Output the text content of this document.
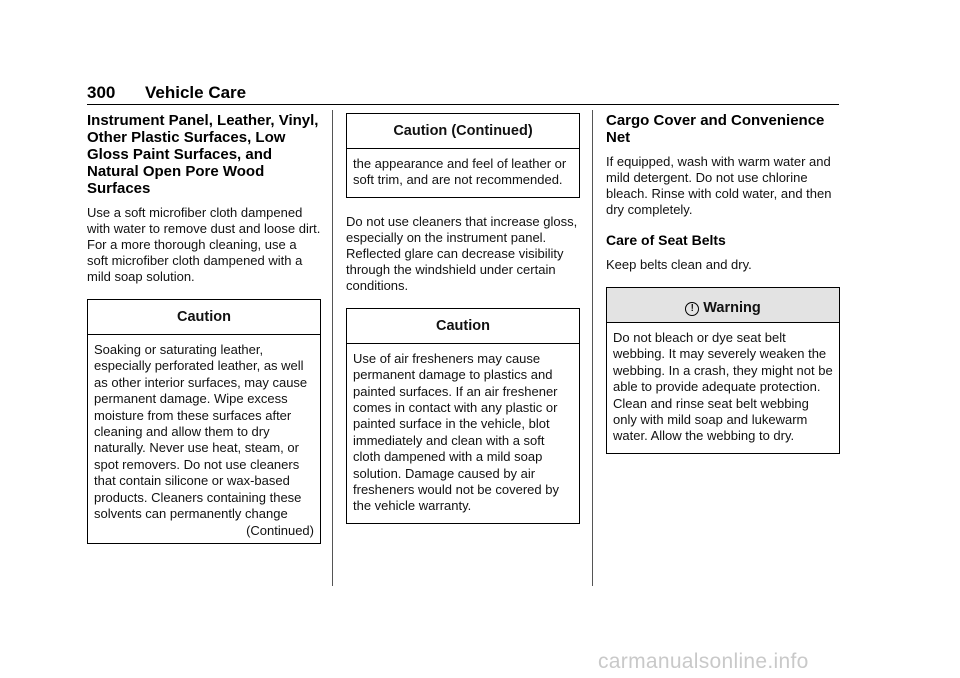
300 Vehicle Care
Instrument Panel, Leather, Vinyl, Other Plastic Surfaces, Low Gloss Paint Surfaces, and Natural Open Pore Wood Surfaces

Use a soft microfiber cloth dampened with water to remove dust and loose dirt. For a more thorough cleaning, use a soft microfiber cloth dampened with a mild soap solution.

Caution
Soaking or saturating leather, especially perforated leather, as well as other interior surfaces, may cause permanent damage. Wipe excess moisture from these surfaces after cleaning and allow them to dry naturally. Never use heat, steam, or spot removers. Do not use cleaners that contain silicone or wax-based products. Cleaners containing these solvents can permanently change
(Continued)
Caution (Continued)
the appearance and feel of leather or soft trim, and are not recommended.

Do not use cleaners that increase gloss, especially on the instrument panel. Reflected glare can decrease visibility through the windshield under certain conditions.

Caution
Use of air fresheners may cause permanent damage to plastics and painted surfaces. If an air freshener comes in contact with any plastic or painted surface in the vehicle, blot immediately and clean with a soft cloth dampened with a mild soap solution. Damage caused by air fresheners would not be covered by the vehicle warranty.
Cargo Cover and Convenience Net

If equipped, wash with warm water and mild detergent. Do not use chlorine bleach. Rinse with cold water, and then dry completely.

Care of Seat Belts

Keep belts clean and dry.

! Warning
Do not bleach or dye seat belt webbing. It may severely weaken the webbing. In a crash, they might not be able to provide adequate protection. Clean and rinse seat belt webbing only with mild soap and lukewarm water. Allow the webbing to dry.
carmanualsonline.info
